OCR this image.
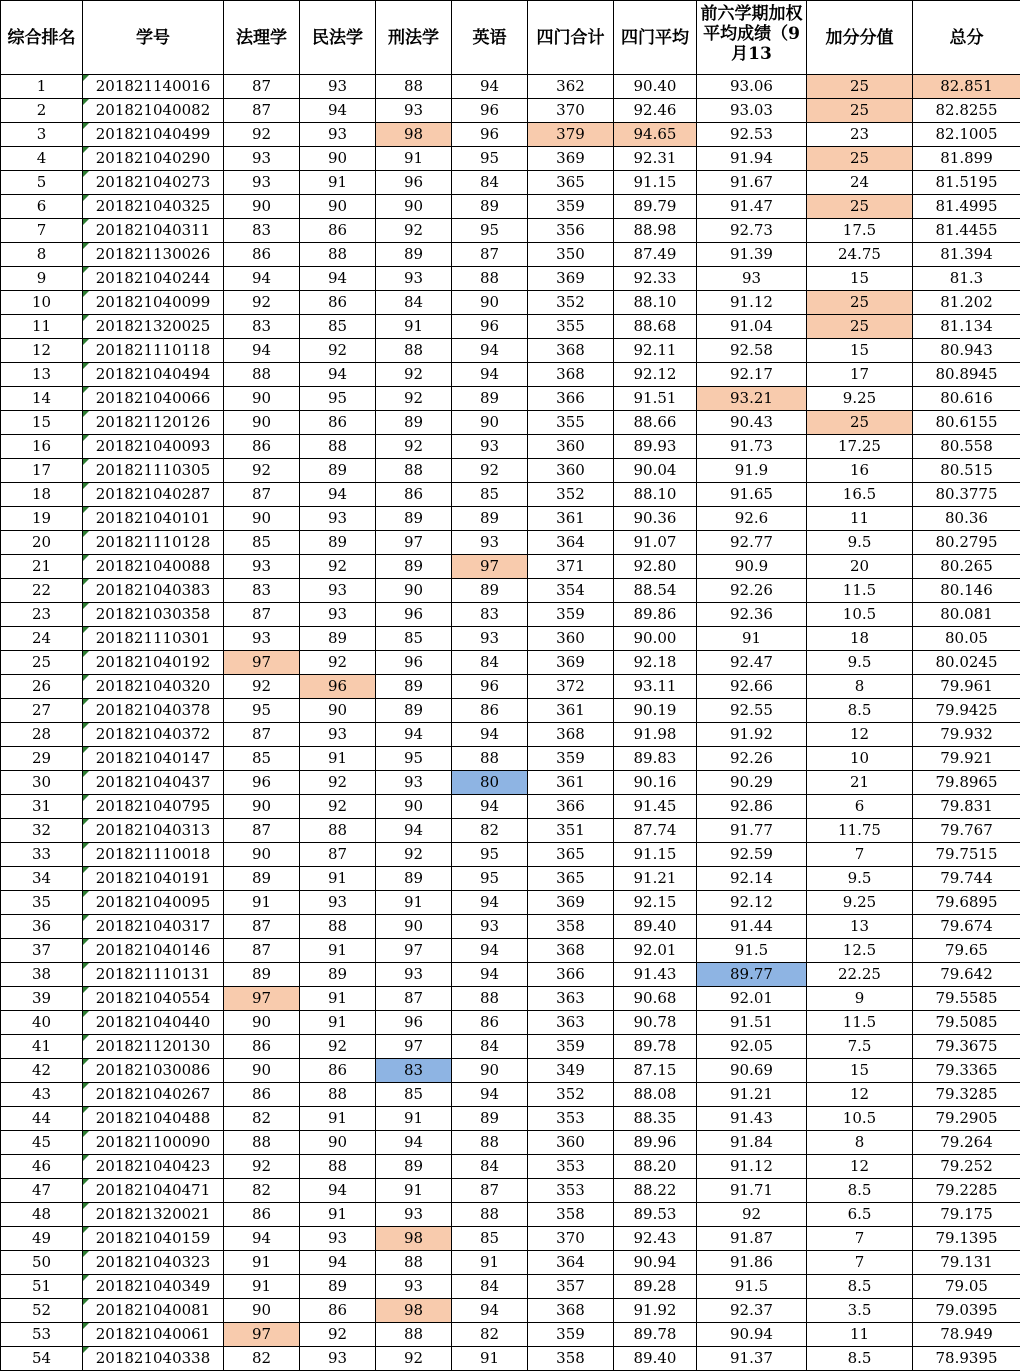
综合排名	学号	法理学	民法学	刑法学	英语	四门合计	四门平均	前六学期加权平均成绩（9月13	加分分值	总分
1	201821140016	87	93	88	94	362	90.40	93.06	25	82.851
2	201821040082	87	94	93	96	370	92.46	93.03	25	82.8255
3	201821040499	92	93	98	96	379	94.65	92.53	23	82.1005
4	201821040290	93	90	91	95	369	92.31	91.94	25	81.899
5	201821040273	93	91	96	84	365	91.15	91.67	24	81.5195
6	201821040325	90	90	90	89	359	89.79	91.47	25	81.4995
7	201821040311	83	86	92	95	356	88.98	92.73	17.5	81.4455
8	201821130026	86	88	89	87	350	87.49	91.39	24.75	81.394
9	201821040244	94	94	93	88	369	92.33	93	15	81.3
10	201821040099	92	86	84	90	352	88.10	91.12	25	81.202
11	201821320025	83	85	91	96	355	88.68	91.04	25	81.134
12	201821110118	94	92	88	94	368	92.11	92.58	15	80.943
13	201821040494	88	94	92	94	368	92.12	92.17	17	80.8945
14	201821040066	90	95	92	89	366	91.51	93.21	9.25	80.616
15	201821120126	90	86	89	90	355	88.66	90.43	25	80.6155
16	201821040093	86	88	92	93	360	89.93	91.73	17.25	80.558
17	201821110305	92	89	88	92	360	90.04	91.9	16	80.515
18	201821040287	87	94	86	85	352	88.10	91.65	16.5	80.3775
19	201821040101	90	93	89	89	361	90.36	92.6	11	80.36
20	201821110128	85	89	97	93	364	91.07	92.77	9.5	80.2795
21	201821040088	93	92	89	97	371	92.80	90.9	20	80.265
22	201821040383	83	93	90	89	354	88.54	92.26	11.5	80.146
23	201821030358	87	93	96	83	359	89.86	92.36	10.5	80.081
24	201821110301	93	89	85	93	360	90.00	91	18	80.05
25	201821040192	97	92	96	84	369	92.18	92.47	9.5	80.0245
26	201821040320	92	96	89	96	372	93.11	92.66	8	79.961
27	201821040378	95	90	89	86	361	90.19	92.55	8.5	79.9425
28	201821040372	87	93	94	94	368	91.98	91.92	12	79.932
29	201821040147	85	91	95	88	359	89.83	92.26	10	79.921
30	201821040437	96	92	93	80	361	90.16	90.29	21	79.8965
31	201821040795	90	92	90	94	366	91.45	92.86	6	79.831
32	201821040313	87	88	94	82	351	87.74	91.77	11.75	79.767
33	201821110018	90	87	92	95	365	91.15	92.59	7	79.7515
34	201821040191	89	91	89	95	365	91.21	92.14	9.5	79.744
35	201821040095	91	93	91	94	369	92.15	92.12	9.25	79.6895
36	201821040317	87	88	90	93	358	89.40	91.44	13	79.674
37	201821040146	87	91	97	94	368	92.01	91.5	12.5	79.65
38	201821110131	89	89	93	94	366	91.43	89.77	22.25	79.642
39	201821040554	97	91	87	88	363	90.68	92.01	9	79.5585
40	201821040440	90	91	96	86	363	90.78	91.51	11.5	79.5085
41	201821120130	86	92	97	84	359	89.78	92.05	7.5	79.3675
42	201821030086	90	86	83	90	349	87.15	90.69	15	79.3365
43	201821040267	86	88	85	94	352	88.08	91.21	12	79.3285
44	201821040488	82	91	91	89	353	88.35	91.43	10.5	79.2905
45	201821100090	88	90	94	88	360	89.96	91.84	8	79.264
46	201821040423	92	88	89	84	353	88.20	91.12	12	79.252
47	201821040471	82	94	91	87	353	88.22	91.71	8.5	79.2285
48	201821320021	86	91	93	88	358	89.53	92	6.5	79.175
49	201821040159	94	93	98	85	370	92.43	91.87	7	79.1395
50	201821040323	91	94	88	91	364	90.94	91.86	7	79.131
51	201821040349	91	89	93	84	357	89.28	91.5	8.5	79.05
52	201821040081	90	86	98	94	368	91.92	92.37	3.5	79.0395
53	201821040061	97	92	88	82	359	89.78	90.94	11	78.949
54	201821040338	82	93	92	91	358	89.40	91.37	8.5	78.9395
